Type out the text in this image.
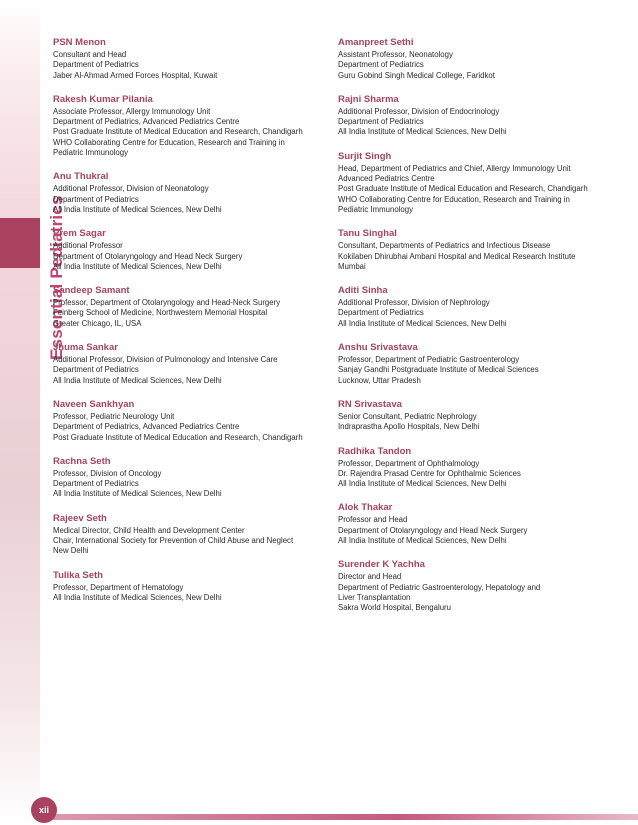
Essential Pediatrics
PSN Menon
Consultant and Head
Department of Pediatrics
Jaber Al-Ahmad Armed Forces Hospital, Kuwait
Rakesh Kumar Pilania
Associate Professor, Allergy Immunology Unit
Department of Pediatrics, Advanced Pediatrics Centre
Post Graduate Institute of Medical Education and Research, Chandigarh
WHO Collaborating Centre for Education, Research and Training in
Pediatric Immunology
Anu Thukral
Additional Professor, Division of Neonatology
Department of Pediatrics
All India Institute of Medical Sciences, New Delhi
Prem Sagar
Additional Professor
Department of Otolaryngology and Head Neck Surgery
All India Institute of Medical Sciences, New Delhi
Sandeep Samant
Professor, Department of Otolaryngology and Head-Neck Surgery
Feinberg School of Medicine, Northwestern Memorial Hospital
Greater Chicago, IL, USA
Jhuma Sankar
Additional Professor, Division of Pulmonology and Intensive Care
Department of Pediatrics
All India Institute of Medical Sciences, New Delhi
Naveen Sankhyan
Professor, Pediatric Neurology Unit
Department of Pediatrics, Advanced Pediatrics Centre
Post Graduate Institute of Medical Education and Research, Chandigarh
Rachna Seth
Professor, Division of Oncology
Department of Pediatrics
All India Institute of Medical Sciences, New Delhi
Rajeev Seth
Medical Director, Child Health and Development Center
Chair, International Society for Prevention of Child Abuse and Neglect
New Delhi
Tulika Seth
Professor, Department of Hematology
All India Institute of Medical Sciences, New Delhi
Amanpreet Sethi
Assistant Professor, Neonatology
Department of Pediatrics
Guru Gobind Singh Medical College, Faridkot
Rajni Sharma
Additional Professor, Division of Endocrinology
Department of Pediatrics
All India Institute of Medical Sciences, New Delhi
Surjit Singh
Head, Department of Pediatrics and Chief, Allergy Immunology Unit
Advanced Pediatrics Centre
Post Graduate Institute of Medical Education and Research, Chandigarh
WHO Collaborating Centre for Education, Research and Training in
Pediatric Immunology
Tanu Singhal
Consultant, Departments of Pediatrics and Infectious Disease
Kokilaben Dhirubhai Ambani Hospital and Medical Research Institute
Mumbai
Aditi Sinha
Additional Professor, Division of Nephrology
Department of Pediatrics
All India Institute of Medical Sciences, New Delhi
Anshu Srivastava
Professor, Department of Pediatric Gastroenterology
Sanjay Gandhi Postgraduate Institute of Medical Sciences
Lucknow, Uttar Pradesh
RN Srivastava
Senior Consultant, Pediatric Nephrology
Indraprastha Apollo Hospitals, New Delhi
Radhika Tandon
Professor, Department of Ophthalmology
Dr. Rajendra Prasad Centre for Ophthalmic Sciences
All India Institute of Medical Sciences, New Delhi
Alok Thakar
Professor and Head
Department of Otolaryngology and Head Neck Surgery
All India Institute of Medical Sciences, New Delhi
Surender K Yachha
Director and Head
Department of Pediatric Gastroenterology, Hepatology and
Liver Transplantation
Sakra World Hospital, Bengaluru
xii
